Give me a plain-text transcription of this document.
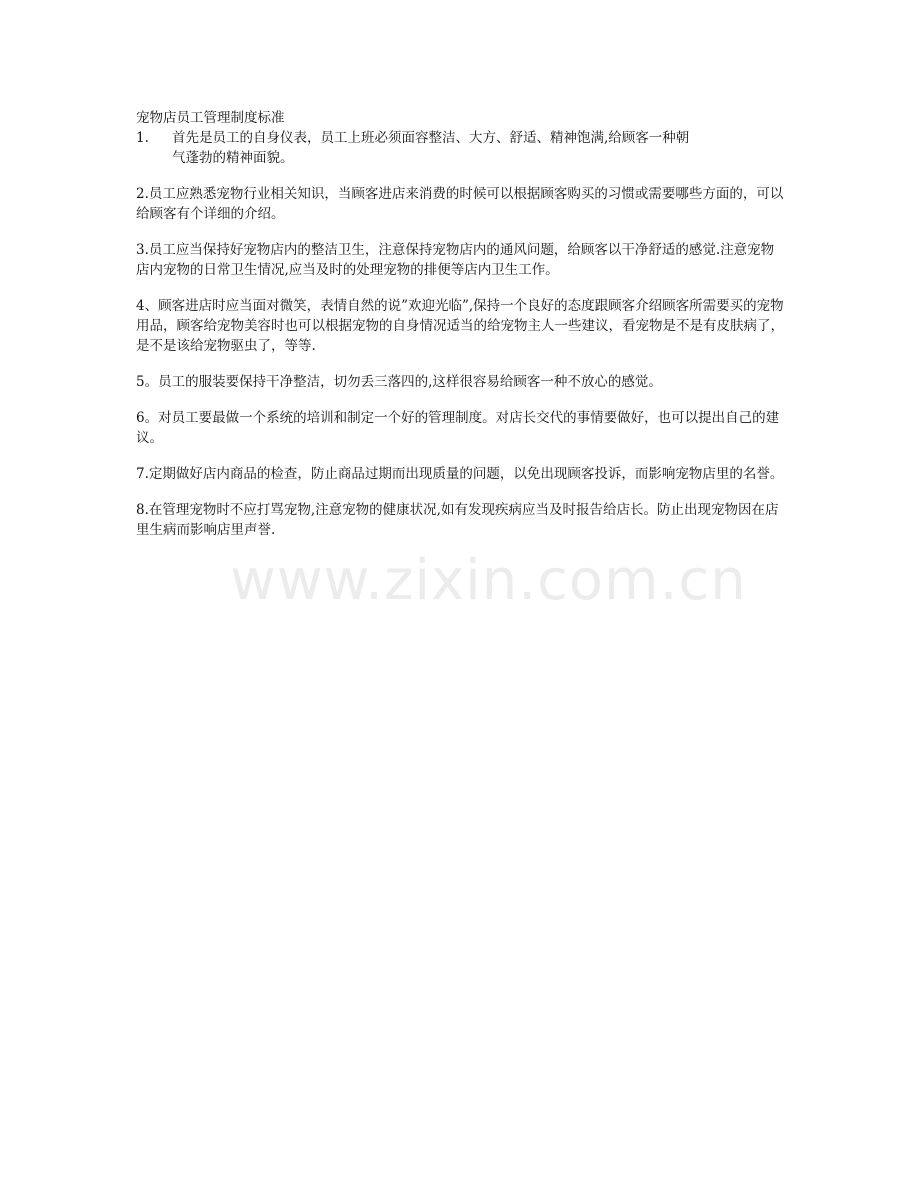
宠物店员工管理制度标准

1.	首先是员工的自身仪表，员工上班必须面容整洁、大方、舒适、精神饱满,给顾客一种朝
气蓬勃的精神面貌。

2.员工应熟悉宠物行业相关知识，当顾客进店来消费的时候可以根据顾客购买的习惯或需要哪些方面的，可以给顾客有个详细的介绍。

3.员工应当保持好宠物店内的整洁卫生，注意保持宠物店内的通风问题，给顾客以干净舒适的感觉.注意宠物店内宠物的日常卫生情况,应当及时的处理宠物的排便等店内卫生工作。

4、顾客进店时应当面对微笑，表情自然的说”欢迎光临”,保持一个良好的态度跟顾客介绍顾客所需要买的宠物用品，顾客给宠物美容时也可以根据宠物的自身情况适当的给宠物主人一些建议，看宠物是不是有皮肤病了，是不是该给宠物驱虫了，等等.

5。员工的服装要保持干净整洁，切勿丢三落四的,这样很容易给顾客一种不放心的感觉。

6。对员工要最做一个系统的培训和制定一个好的管理制度。对店长交代的事情要做好，也可以提出自己的建议。

7.定期做好店内商品的检查，防止商品过期而出现质量的问题，以免出现顾客投诉，而影响宠物店里的名誉。

8.在管理宠物时不应打骂宠物,注意宠物的健康状况,如有发现疾病应当及时报告给店长。防止出现宠物因在店里生病而影响店里声誉.

www.zixin.com.cn
